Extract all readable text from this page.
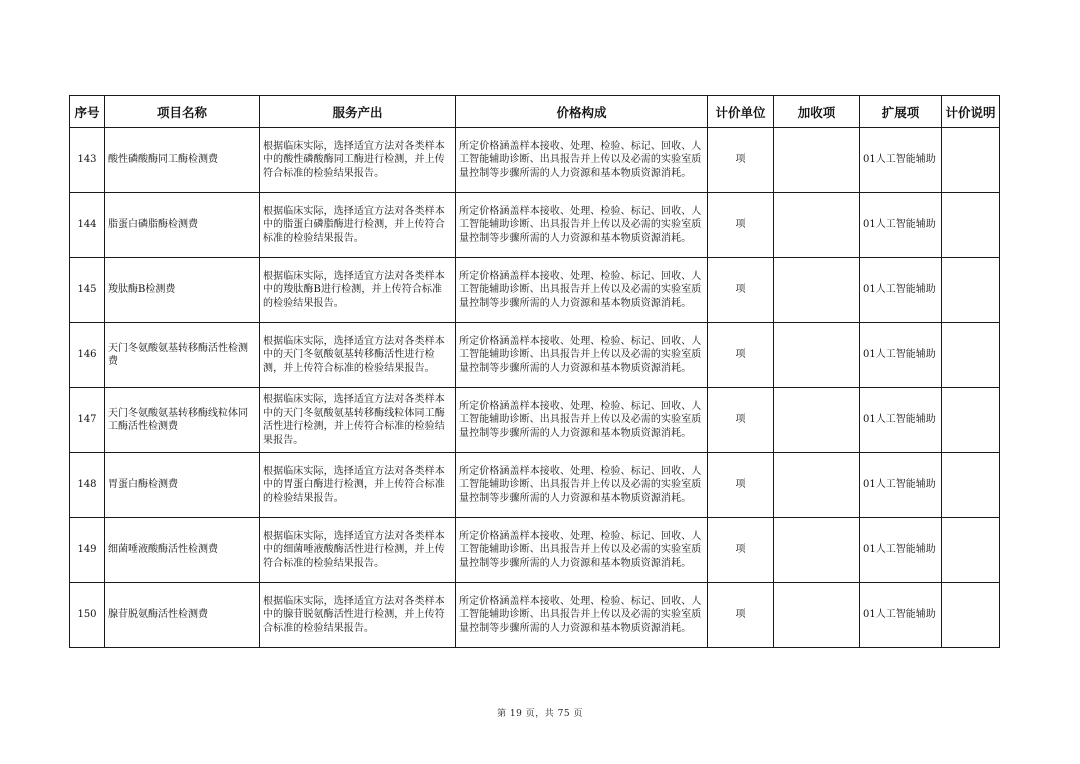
序号	项目名称	服务产出	价格构成	计价单位	加收项	扩展项	计价说明
143	酸性磷酸酶同工酶检测费	根据临床实际，选择适宜方法对各类样本中的酸性磷酸酶同工酶进行检测，并上传符合标准的检验结果报告。	所定价格涵盖样本接收、处理、检验、标记、回收、人工智能辅助诊断、出具报告并上传以及必需的实验室质量控制等步骤所需的人力资源和基本物质资源消耗。	项		01人工智能辅助	
144	脂蛋白磷脂酶检测费	根据临床实际，选择适宜方法对各类样本中的脂蛋白磷脂酶进行检测，并上传符合标准的检验结果报告。	所定价格涵盖样本接收、处理、检验、标记、回收、人工智能辅助诊断、出具报告并上传以及必需的实验室质量控制等步骤所需的人力资源和基本物质资源消耗。	项		01人工智能辅助	
145	羧肽酶B检测费	根据临床实际，选择适宜方法对各类样本中的羧肽酶B进行检测，并上传符合标准的检验结果报告。	所定价格涵盖样本接收、处理、检验、标记、回收、人工智能辅助诊断、出具报告并上传以及必需的实验室质量控制等步骤所需的人力资源和基本物质资源消耗。	项		01人工智能辅助	
146	天门冬氨酸氨基转移酶活性检测费	根据临床实际，选择适宜方法对各类样本中的天门冬氨酸氨基转移酶活性进行检测，并上传符合标准的检验结果报告。	所定价格涵盖样本接收、处理、检验、标记、回收、人工智能辅助诊断、出具报告并上传以及必需的实验室质量控制等步骤所需的人力资源和基本物质资源消耗。	项		01人工智能辅助	
147	天门冬氨酸氨基转移酶线粒体同工酶活性检测费	根据临床实际，选择适宜方法对各类样本中的天门冬氨酸氨基转移酶线粒体同工酶活性进行检测，并上传符合标准的检验结果报告。	所定价格涵盖样本接收、处理、检验、标记、回收、人工智能辅助诊断、出具报告并上传以及必需的实验室质量控制等步骤所需的人力资源和基本物质资源消耗。	项		01人工智能辅助	
148	胃蛋白酶检测费	根据临床实际，选择适宜方法对各类样本中的胃蛋白酶进行检测，并上传符合标准的检验结果报告。	所定价格涵盖样本接收、处理、检验、标记、回收、人工智能辅助诊断、出具报告并上传以及必需的实验室质量控制等步骤所需的人力资源和基本物质资源消耗。	项		01人工智能辅助	
149	细菌唾液酸酶活性检测费	根据临床实际，选择适宜方法对各类样本中的细菌唾液酸酶活性进行检测，并上传符合标准的检验结果报告。	所定价格涵盖样本接收、处理、检验、标记、回收、人工智能辅助诊断、出具报告并上传以及必需的实验室质量控制等步骤所需的人力资源和基本物质资源消耗。	项		01人工智能辅助	
150	腺苷脱氨酶活性检测费	根据临床实际，选择适宜方法对各类样本中的腺苷脱氨酶活性进行检测，并上传符合标准的检验结果报告。	所定价格涵盖样本接收、处理、检验、标记、回收、人工智能辅助诊断、出具报告并上传以及必需的实验室质量控制等步骤所需的人力资源和基本物质资源消耗。	项		01人工智能辅助	
第 19 页，共 75 页
